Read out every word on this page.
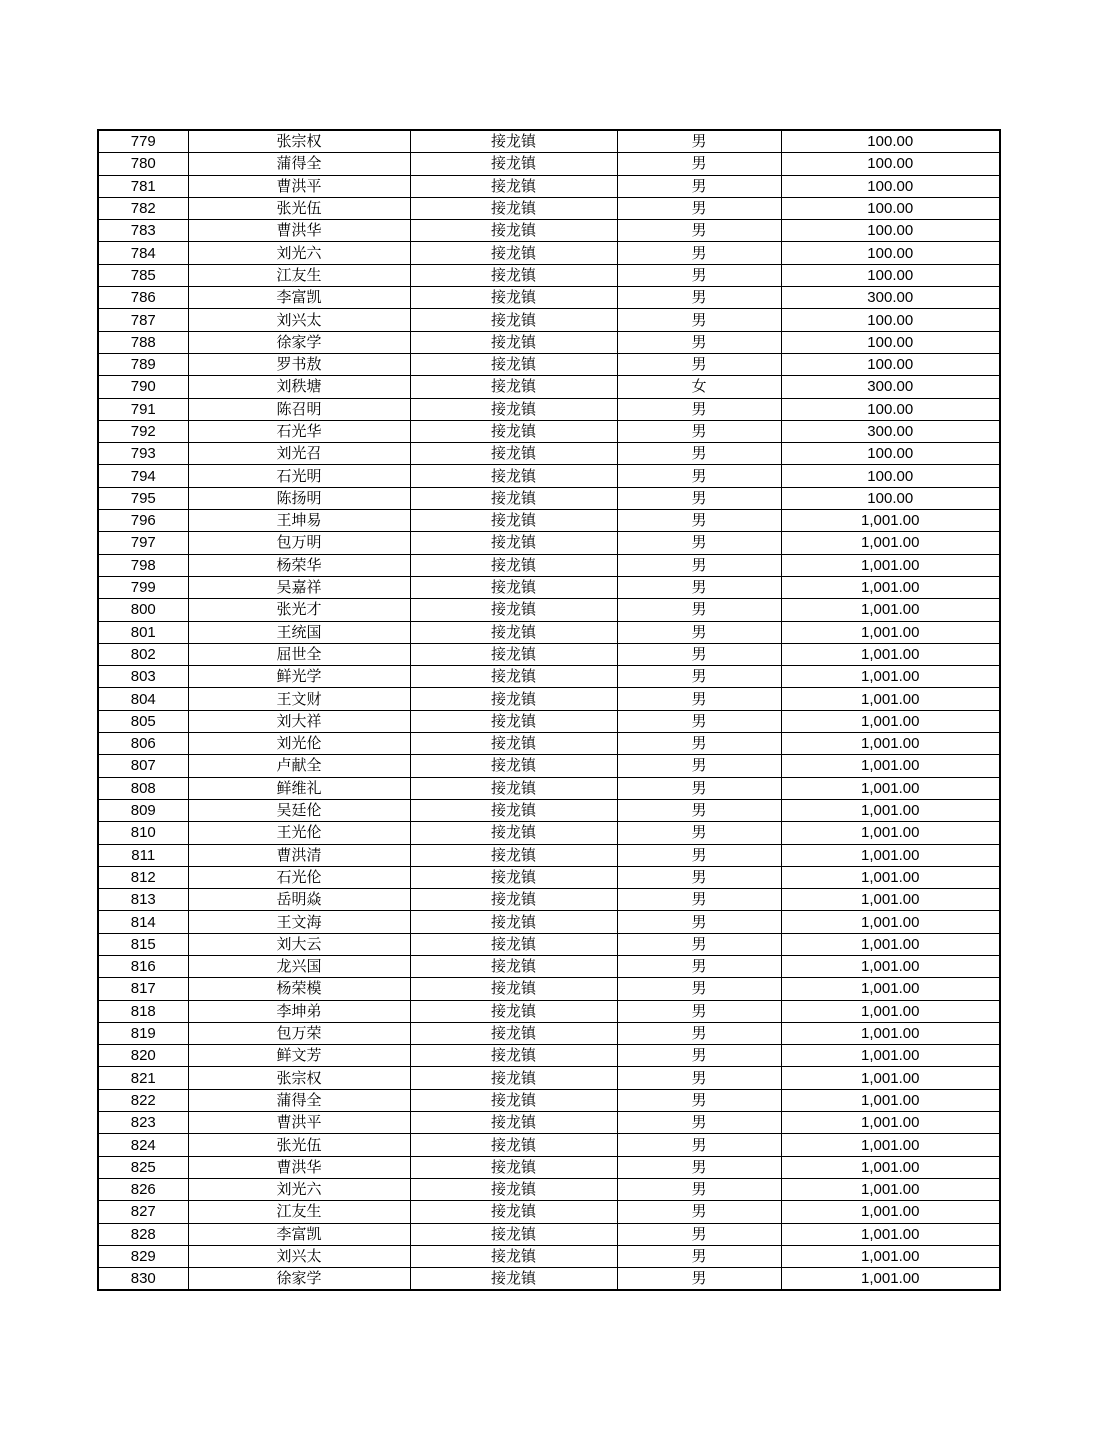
779	张宗权	接龙镇	男	100.00
780	蒲得全	接龙镇	男	100.00
781	曹洪平	接龙镇	男	100.00
782	张光伍	接龙镇	男	100.00
783	曹洪华	接龙镇	男	100.00
784	刘光六	接龙镇	男	100.00
785	江友生	接龙镇	男	100.00
786	李富凯	接龙镇	男	300.00
787	刘兴太	接龙镇	男	100.00
788	徐家学	接龙镇	男	100.00
789	罗书敖	接龙镇	男	100.00
790	刘秩塘	接龙镇	女	300.00
791	陈召明	接龙镇	男	100.00
792	石光华	接龙镇	男	300.00
793	刘光召	接龙镇	男	100.00
794	石光明	接龙镇	男	100.00
795	陈扬明	接龙镇	男	100.00
796	王坤易	接龙镇	男	1,001.00
797	包万明	接龙镇	男	1,001.00
798	杨荣华	接龙镇	男	1,001.00
799	吴嘉祥	接龙镇	男	1,001.00
800	张光才	接龙镇	男	1,001.00
801	王统国	接龙镇	男	1,001.00
802	屈世全	接龙镇	男	1,001.00
803	鲜光学	接龙镇	男	1,001.00
804	王文财	接龙镇	男	1,001.00
805	刘大祥	接龙镇	男	1,001.00
806	刘光伦	接龙镇	男	1,001.00
807	卢献全	接龙镇	男	1,001.00
808	鲜维礼	接龙镇	男	1,001.00
809	吴廷伦	接龙镇	男	1,001.00
810	王光伦	接龙镇	男	1,001.00
811	曹洪清	接龙镇	男	1,001.00
812	石光伦	接龙镇	男	1,001.00
813	岳明焱	接龙镇	男	1,001.00
814	王文海	接龙镇	男	1,001.00
815	刘大云	接龙镇	男	1,001.00
816	龙兴国	接龙镇	男	1,001.00
817	杨荣模	接龙镇	男	1,001.00
818	李坤弟	接龙镇	男	1,001.00
819	包万荣	接龙镇	男	1,001.00
820	鲜文芳	接龙镇	男	1,001.00
821	张宗权	接龙镇	男	1,001.00
822	蒲得全	接龙镇	男	1,001.00
823	曹洪平	接龙镇	男	1,001.00
824	张光伍	接龙镇	男	1,001.00
825	曹洪华	接龙镇	男	1,001.00
826	刘光六	接龙镇	男	1,001.00
827	江友生	接龙镇	男	1,001.00
828	李富凯	接龙镇	男	1,001.00
829	刘兴太	接龙镇	男	1,001.00
830	徐家学	接龙镇	男	1,001.00
